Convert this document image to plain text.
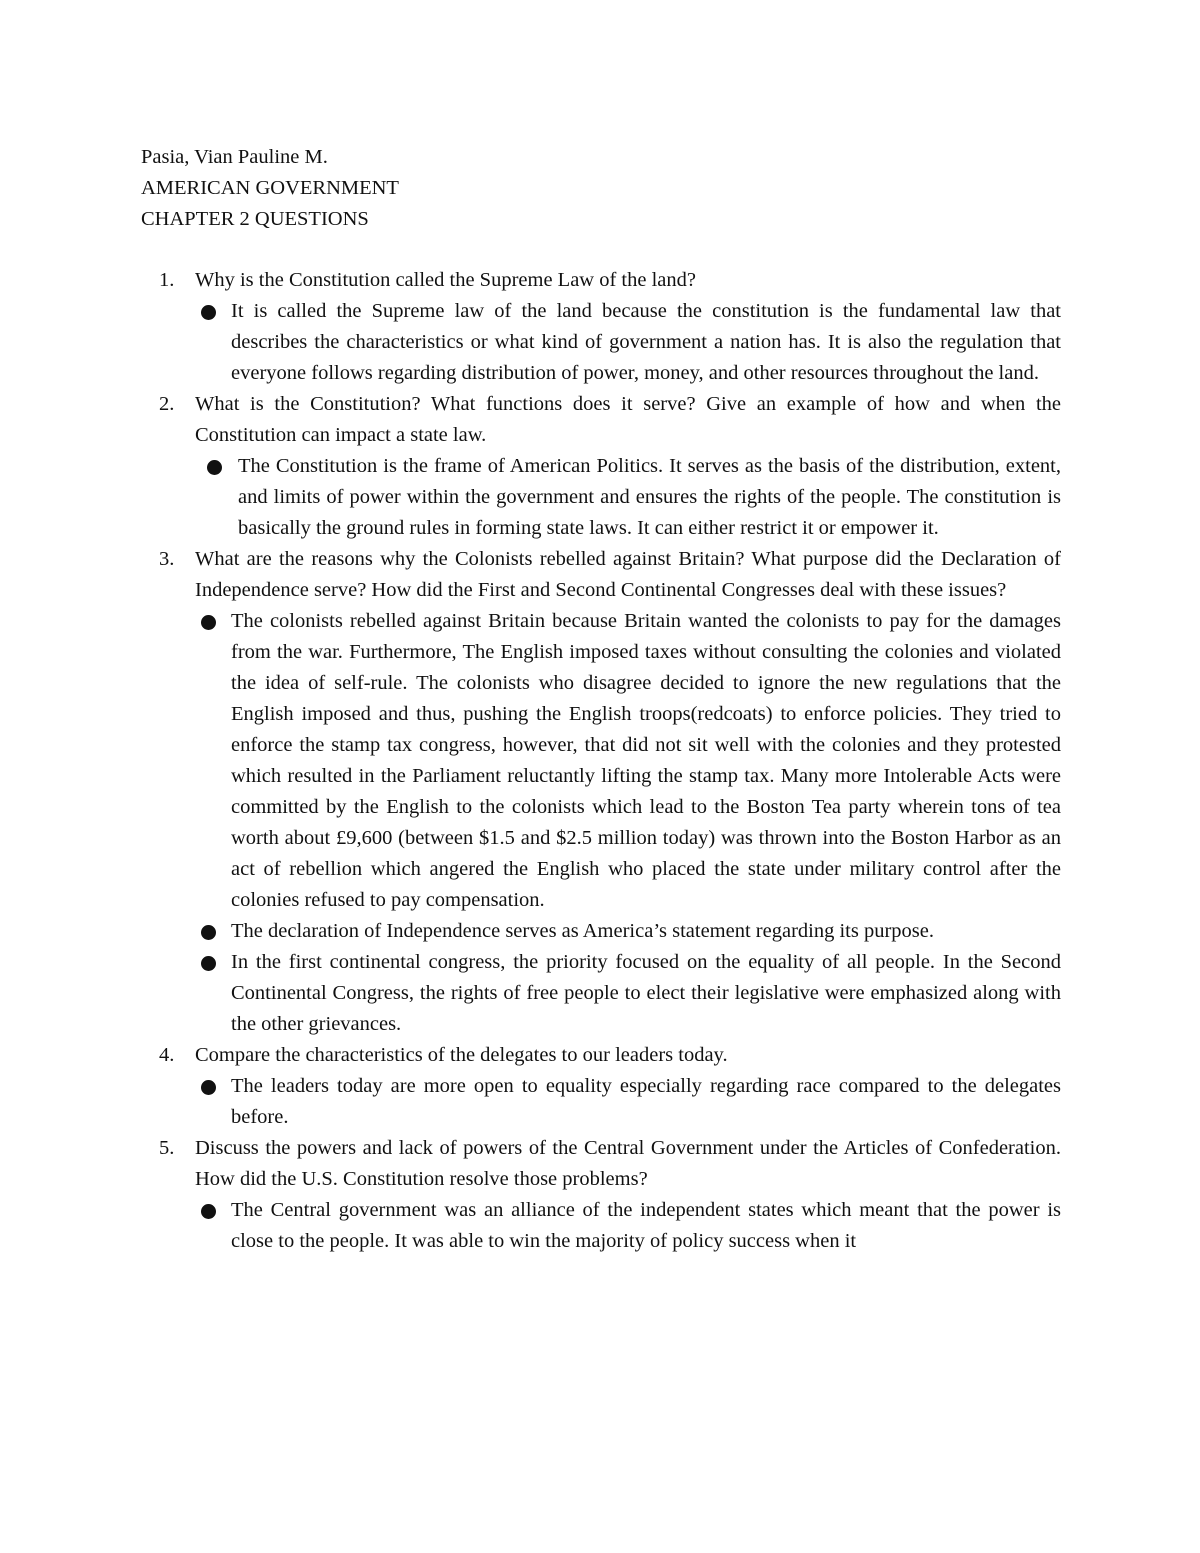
Pasia, Vian Pauline M.
AMERICAN GOVERNMENT
CHAPTER 2 QUESTIONS
1. Why is the Constitution called the Supreme Law of the land?
It is called the Supreme law of the land because the constitution is the fundamental law that describes the characteristics or what kind of government a nation has. It is also the regulation that everyone follows regarding distribution of power, money, and other resources throughout the land.
2. What is the Constitution? What functions does it serve? Give an example of how and when the Constitution can impact a state law.
The Constitution is the frame of American Politics. It serves as the basis of the distribution, extent, and limits of power within the government and ensures the rights of the people. The constitution is basically the ground rules in forming state laws. It can either restrict it or empower it.
3. What are the reasons why the Colonists rebelled against Britain? What purpose did the Declaration of Independence serve? How did the First and Second Continental Congresses deal with these issues?
The colonists rebelled against Britain because Britain wanted the colonists to pay for the damages from the war. Furthermore, The English imposed taxes without consulting the colonies and violated the idea of self-rule. The colonists who disagree decided to ignore the new regulations that the English imposed and thus, pushing the English troops(redcoats) to enforce policies. They tried to enforce the stamp tax congress, however, that did not sit well with the colonies and they protested which resulted in the Parliament reluctantly lifting the stamp tax. Many more Intolerable Acts were committed by the English to the colonists which lead to the Boston Tea party wherein tons of tea worth about £9,600 (between $1.5 and $2.5 million today) was thrown into the Boston Harbor as an act of rebellion which angered the English who placed the state under military control after the colonies refused to pay compensation.
The declaration of Independence serves as America’s statement regarding its purpose.
In the first continental congress, the priority focused on the equality of all people. In the Second Continental Congress, the rights of free people to elect their legislative were emphasized along with the other grievances.
4. Compare the characteristics of the delegates to our leaders today.
The leaders today are more open to equality especially regarding race compared to the delegates before.
5. Discuss the powers and lack of powers of the Central Government under the Articles of Confederation. How did the U.S. Constitution resolve those problems?
The Central government was an alliance of the independent states which meant that the power is close to the people. It was able to win the majority of policy success when it
